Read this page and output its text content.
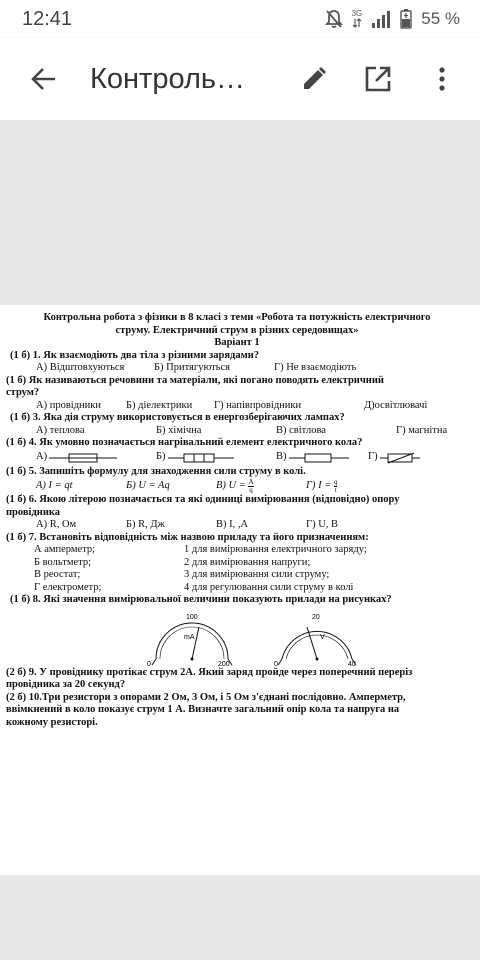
12:41	3G	55 %
Контроль…
Контрольна робота з фізики в 8 класі з теми «Робота та потужність електричного
струму. Електричний струм в різних середовищах»
Варіант 1
(1 б)
1. Як взаємодіють два тіла з різними зарядами?
А) Відштовхуються	Б) Притягуються	Г) Не взаємодіють
(1 б)
Як називаються речовини та матеріали, які погано поводять електричний
струм?
А) провідники	Б) діелектрики	Г) напівпровідники	Д)освітлювачі
(1 б)
3. Яка дія струму використовується в енергозберігаючих лампах?
А) теплова	Б) хімічна	В) світлова	Г) магнітна
(1 б)
4. Як умовно позначається нагрівальний елемент електричного кола?
А)	Б)	В)	Г)
(1 б)
5. Запишіть формулу для знаходження сили струму в колі.
А) I = qt	Б) U = Aq	В) $U = \frac{A}{q}$	Г) $I = \frac{q}{t}$
(1 б)
6. Якою літерою позначається та які одиниці вимірювання (відповідно) опору
провідника
А) R, Ом	Б) R, Дж	В) I, ,А	Г) U, В
(1 б)
7. Встановіть відповідність між назвою приладу та його призначенням:
А амперметр;	1 для вимірювання електричного заряду;
Б вольтметр;	2 для вимірювання напруги;
В реостат;	3 для вимірювання сили струму;
Г електрометр;	4 для регулювання сили струму в колі
(1 б)
8. Які значення вимірювальної величини показують прилади на рисунках?
0
100
200
mA
0
20
40
V
(2 б)
9. У провіднику протікає струм 2А. Який заряд пройде через поперечний переріз
провідника за 20 секунд?
(2 б)
10.Три резистори з опорами 2 Ом, 3 Ом, і 5 Ом з'єднані послідовно. Амперметр,
ввімкнений в коло показує струм 1 А. Визначте загальний опір кола та напруга на
кожному резисторі.
